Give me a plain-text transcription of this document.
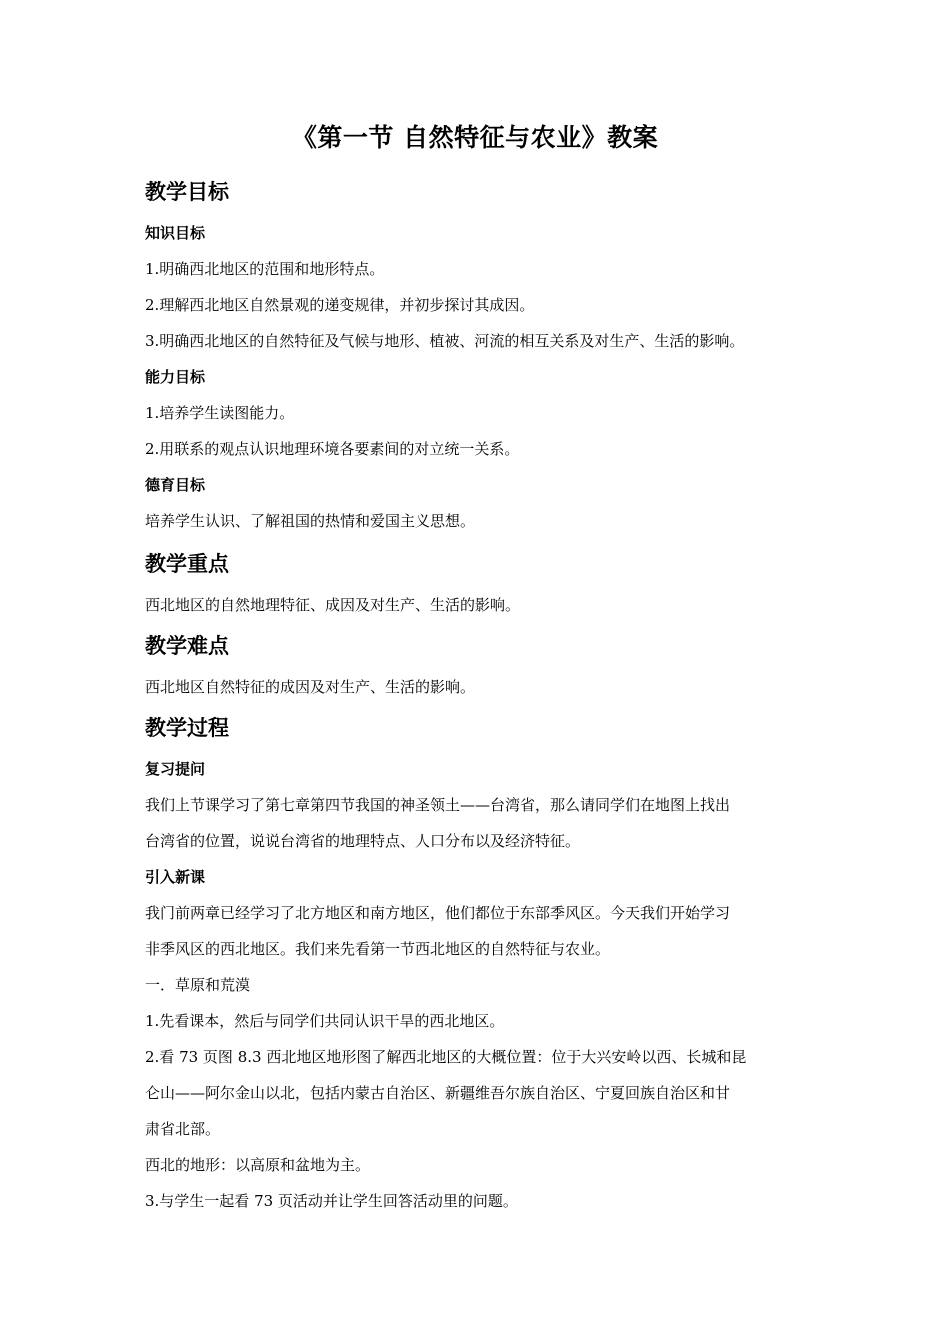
《第一节 自然特征与农业》教案
教学目标
知识目标
1.明确西北地区的范围和地形特点。
2.理解西北地区自然景观的递变规律，并初步探讨其成因。
3.明确西北地区的自然特征及气候与地形、植被、河流的相互关系及对生产、生活的影响。
能力目标
1.培养学生读图能力。
2.用联系的观点认识地理环境各要素间的对立统一关系。
德育目标
培养学生认识、了解祖国的热情和爱国主义思想。
教学重点
西北地区的自然地理特征、成因及对生产、生活的影响。
教学难点
西北地区自然特征的成因及对生产、生活的影响。
教学过程
复习提问
我们上节课学习了第七章第四节我国的神圣领土——台湾省，那么请同学们在地图上找出
台湾省的位置，说说台湾省的地理特点、人口分布以及经济特征。
引入新课
我门前两章已经学习了北方地区和南方地区，他们都位于东部季风区。今天我们开始学习
非季风区的西北地区。我们来先看第一节西北地区的自然特征与农业。
一．草原和荒漠
1.先看课本，然后与同学们共同认识干旱的西北地区。
2.看 73 页图 8.3 西北地区地形图了解西北地区的大概位置：位于大兴安岭以西、长城和昆
仑山——阿尔金山以北，包括内蒙古自治区、新疆维吾尔族自治区、宁夏回族自治区和甘
肃省北部。
西北的地形：以高原和盆地为主。
3.与学生一起看 73 页活动并让学生回答活动里的问题。
